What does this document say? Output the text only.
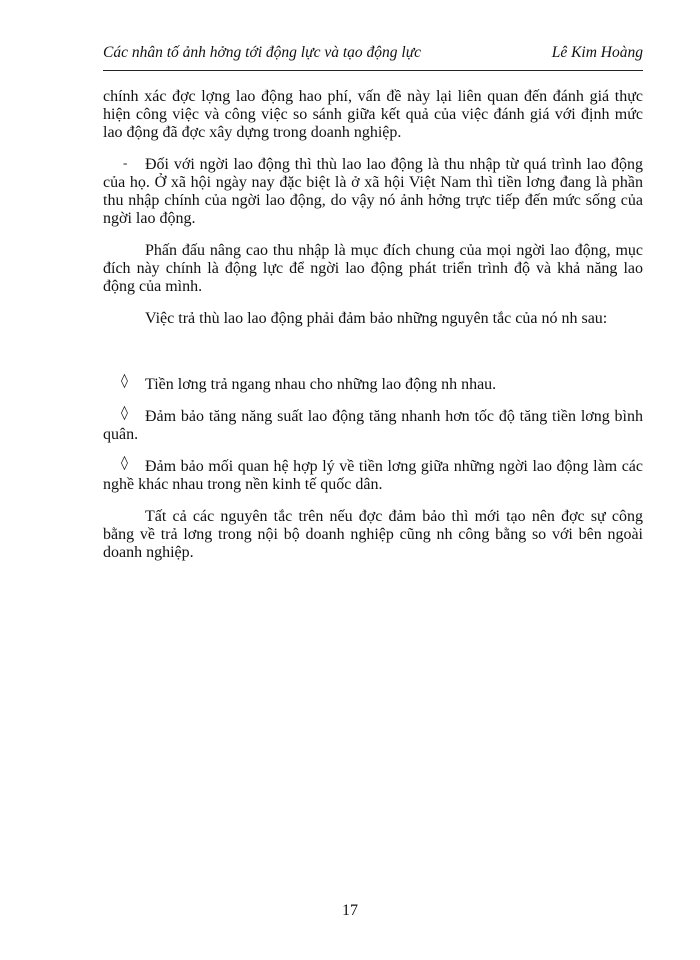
Các nhân tố ảnh hởng tới động lực và tạo động lực	Lê Kim Hoàng

chính xác đợc lợng lao động hao phí, vấn đề này lại liên quan đến đánh giá thực hiện công việc và công việc so sánh giữa kết quả của việc đánh giá với định mức lao động đã đợc xây dựng trong doanh nghiệp.

- Đối với ngời lao động thì thù lao lao động là thu nhập từ quá trình lao động của họ. Ở xã hội ngày nay đặc biệt là ở xã hội Việt Nam thì tiền lơng đang là phần thu nhập chính của ngời lao động, do vậy nó ảnh hởng trực tiếp đến mức sống của ngời lao động.

Phấn đấu nâng cao thu nhập là mục đích chung của mọi ngời lao động, mục đích này chính là động lực để ngời lao động phát triển trình độ và khả năng lao động của mình.

Việc trả thù lao lao động phải đảm bảo những nguyên tắc của nó nh sau:

◊ Tiền lơng trả ngang nhau cho những lao động nh nhau.

◊ Đảm bảo tăng năng suất lao động tăng nhanh hơn tốc độ tăng tiền lơng bình quân.

◊ Đảm bảo mối quan hệ hợp lý về tiền lơng giữa những ngời lao động làm các nghề khác nhau trong nền kinh tế quốc dân.

Tất cả các nguyên tắc trên nếu đợc đảm bảo thì mới tạo nên đợc sự công bằng về trả lơng trong nội bộ doanh nghiệp cũng nh công bằng so với bên ngoài doanh nghiệp.

17
